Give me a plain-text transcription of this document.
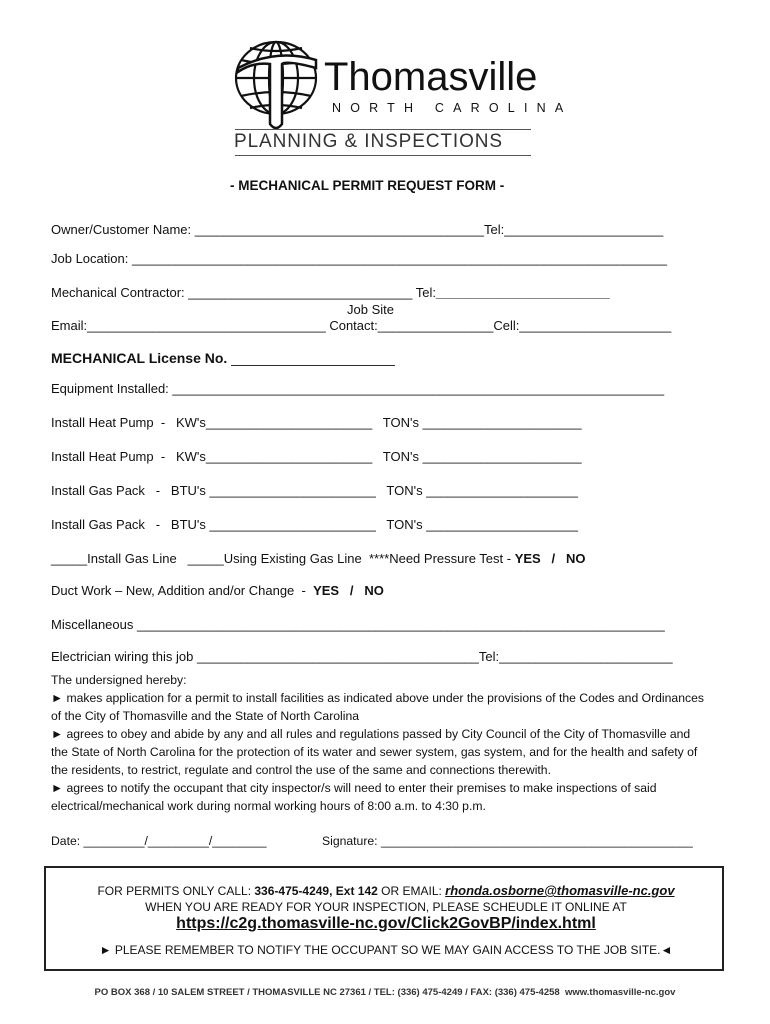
Thomasville
NORTH CAROLINA
PLANNING & INSPECTIONS
- MECHANICAL PERMIT REQUEST FORM -
Owner/Customer Name: ________________________________________Tel:______________________
Job Location: __________________________________________________________________________
Mechanical Contractor: _______________________________ Tel:________________________
Job Site
Email:_________________________________ Contact:________________Cell:_____________________
MECHANICAL License No. _____________________
Equipment Installed: ____________________________________________________________________
Install Heat Pump  -   KW's_______________________   TON's ______________________
Install Heat Pump  -   KW's_______________________   TON's ______________________
Install Gas Pack   -   BTU's _______________________   TON's _____________________
Install Gas Pack   -   BTU's _______________________   TON's _____________________
_____Install Gas Line   _____Using Existing Gas Line  ****Need Pressure Test - YES   /   NO
Duct Work – New, Addition and/or Change  -  YES   /   NO
Miscellaneous _________________________________________________________________________
Electrician wiring this job _______________________________________Tel:________________________
The undersigned hereby:
► makes application for a permit to install facilities as indicated above under the provisions of the Codes and Ordinances
of the City of Thomasville and the State of North Carolina
► agrees to obey and abide by any and all rules and regulations passed by City Council of the City of Thomasville and
the State of North Carolina for the protection of its water and sewer system, gas system, and for the health and safety of
the residents, to restrict, regulate and control the use of the same and connections therewith.
► agrees to notify the occupant that city inspector/s will need to enter their premises to make inspections of said
electrical/mechanical work during normal working hours of 8:00 a.m. to 4:30 p.m.
Date: _________/_________/________	Signature: ______________________________________________
FOR PERMITS ONLY CALL: 336-475-4249, Ext 142 OR EMAIL: rhonda.osborne@thomasville-nc.gov
WHEN YOU ARE READY FOR YOUR INSPECTION, PLEASE SCHEUDLE IT ONLINE AT
https://c2g.thomasville-nc.gov/Click2GovBP/index.html
► PLEASE REMEMBER TO NOTIFY THE OCCUPANT SO WE MAY GAIN ACCESS TO THE JOB SITE.◄
PO BOX 368 / 10 SALEM STREET / THOMASVILLE NC 27361 / TEL: (336) 475-4249 / FAX: (336) 475-4258  www.thomasville-nc.gov
